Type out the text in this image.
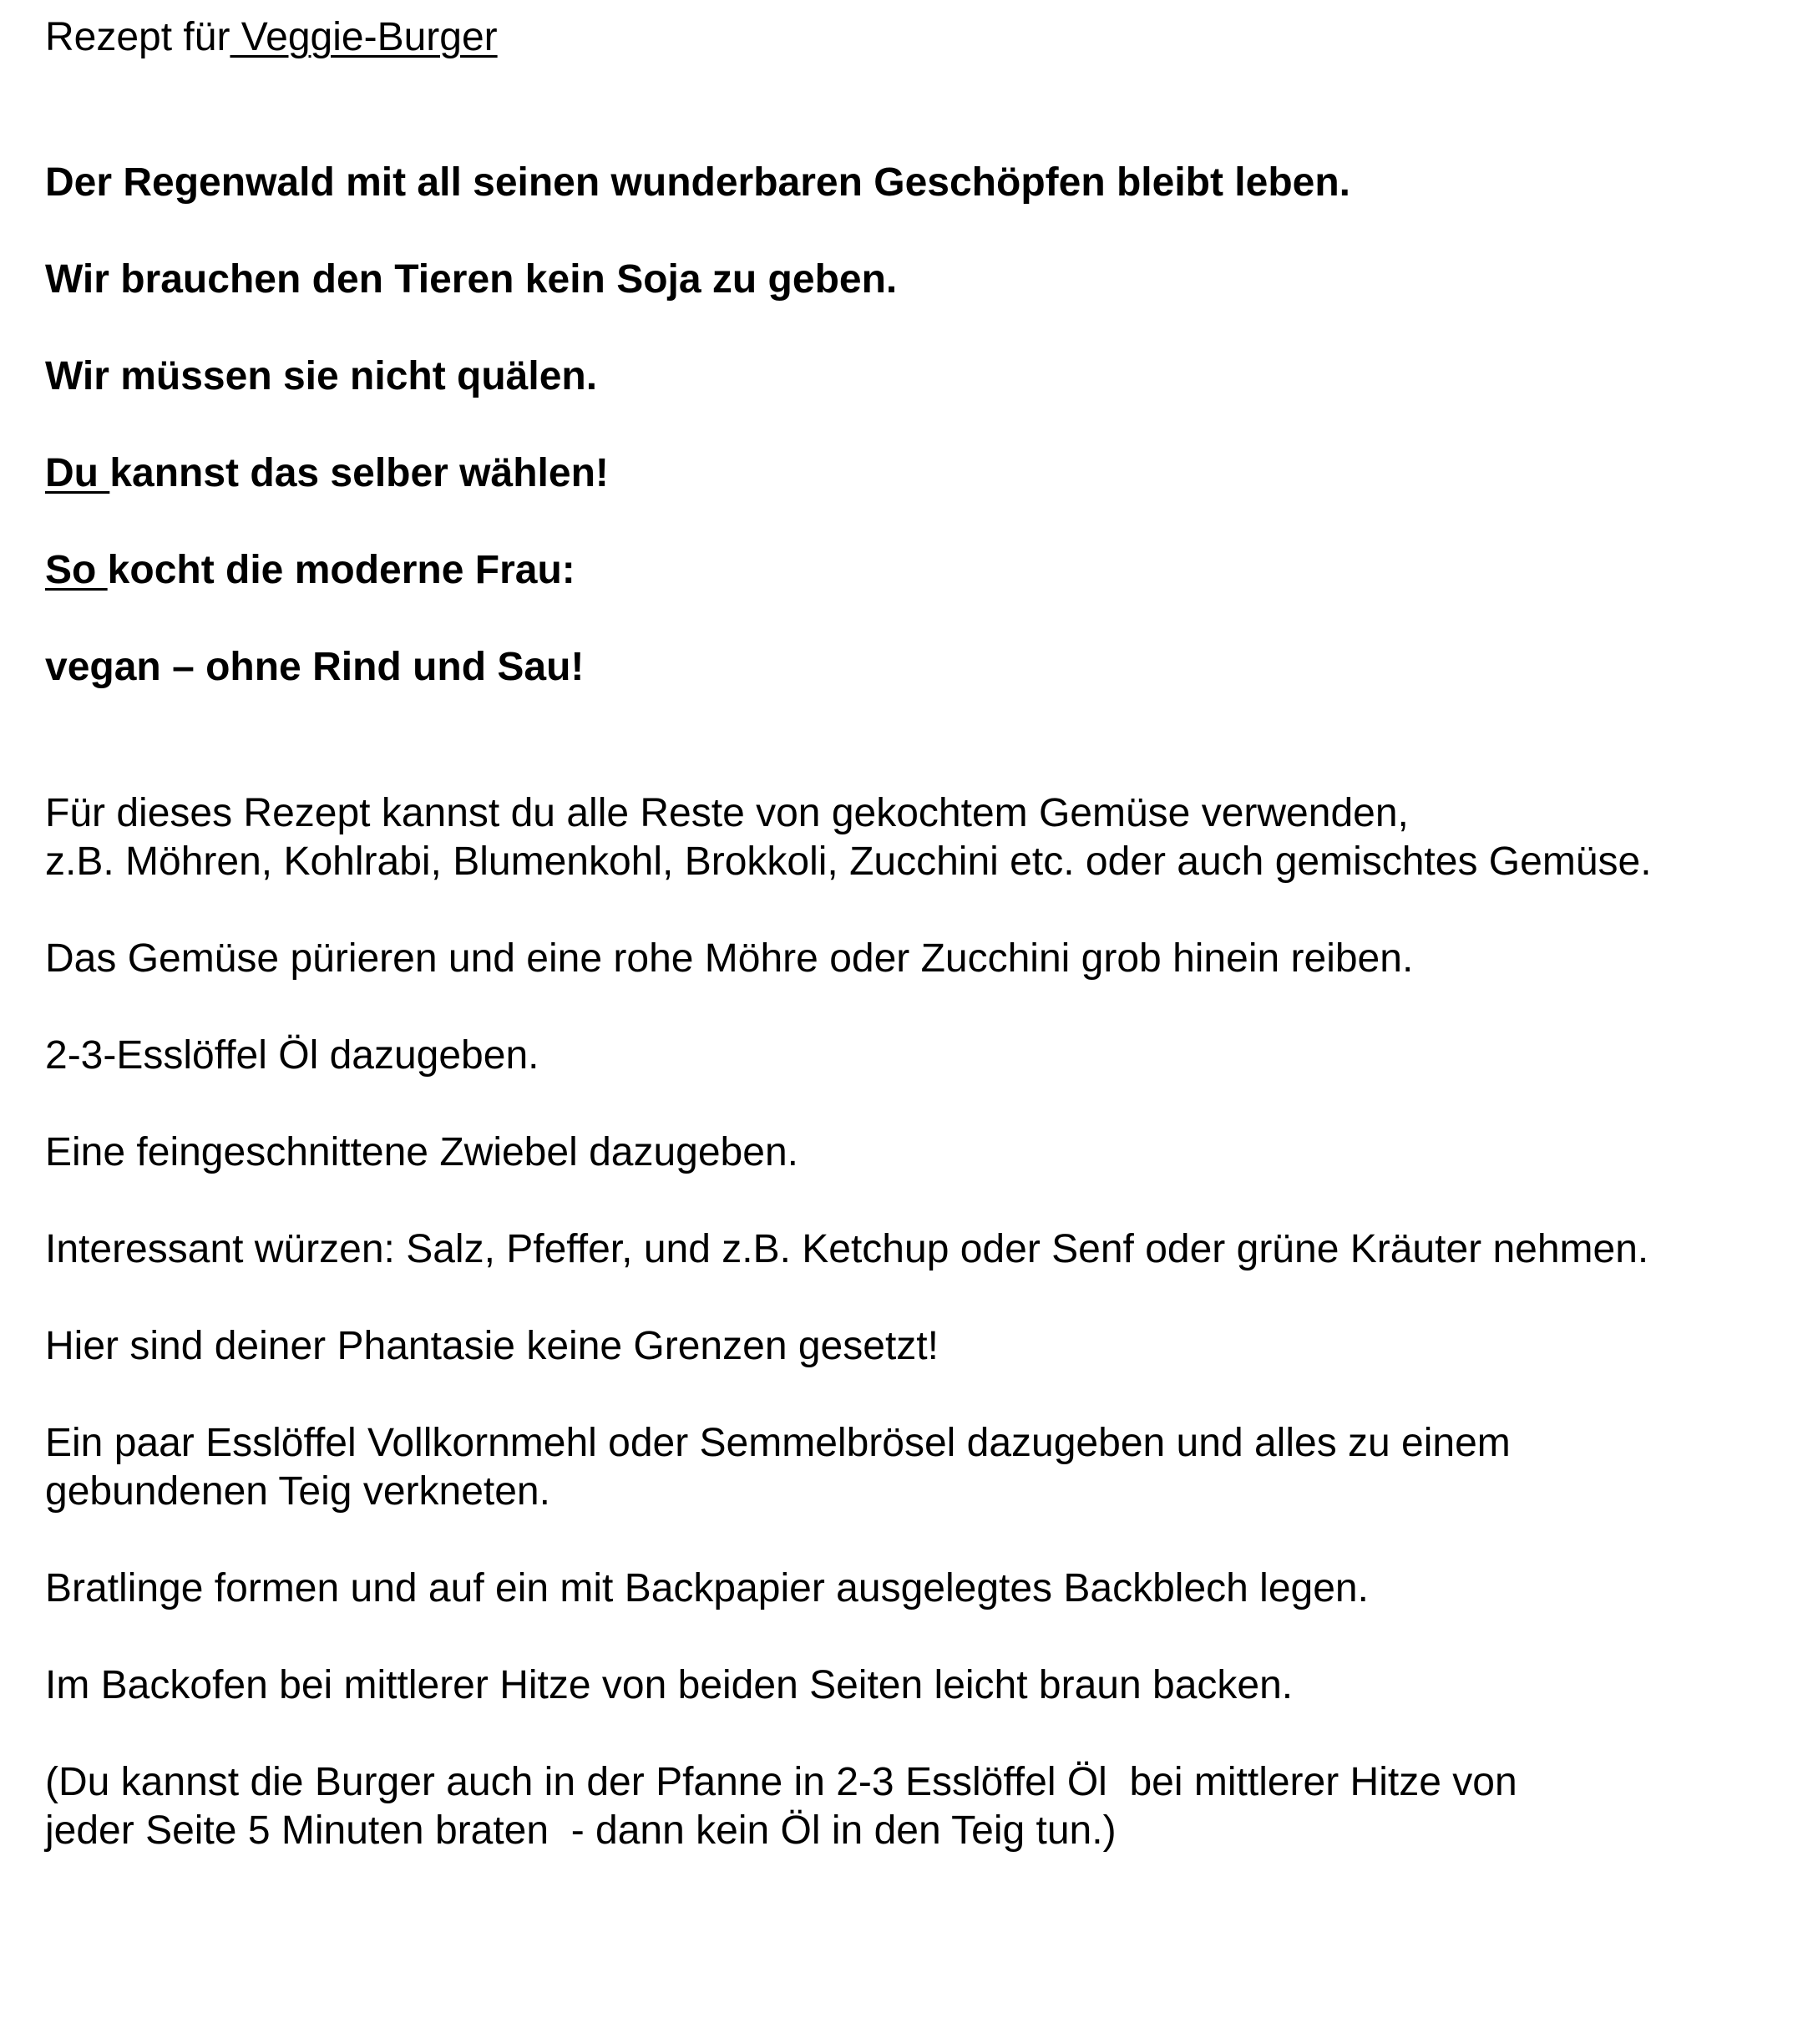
Rezept für Veggie-Burger

Der Regenwald mit all seinen wunderbaren Geschöpfen bleibt leben.

Wir brauchen den Tieren kein Soja zu geben.

Wir müssen sie nicht quälen.

Du kannst das selber wählen!

So kocht die moderne Frau:

vegan – ohne Rind und Sau!

Für dieses Rezept kannst du alle Reste von gekochtem Gemüse verwenden,

z.B. Möhren, Kohlrabi, Blumenkohl, Brokkoli, Zucchini etc. oder auch gemischtes Gemüse.

Das Gemüse pürieren und eine rohe Möhre oder Zucchini grob hinein reiben.

2-3-Esslöffel Öl dazugeben.

Eine feingeschnittene Zwiebel dazugeben.

Interessant würzen: Salz, Pfeffer, und z.B. Ketchup oder Senf oder grüne Kräuter nehmen.

Hier sind deiner Phantasie keine Grenzen gesetzt!

Ein paar Esslöffel Vollkornmehl oder Semmelbrösel dazugeben und alles zu einem

gebundenen Teig verkneten.

Bratlinge formen und auf ein mit Backpapier ausgelegtes Backblech legen.

Im Backofen bei mittlerer Hitze von beiden Seiten leicht braun backen.

(Du kannst die Burger auch in der Pfanne in 2-3 Esslöffel Öl  bei mittlerer Hitze von

jeder Seite 5 Minuten braten  - dann kein Öl in den Teig tun.)
